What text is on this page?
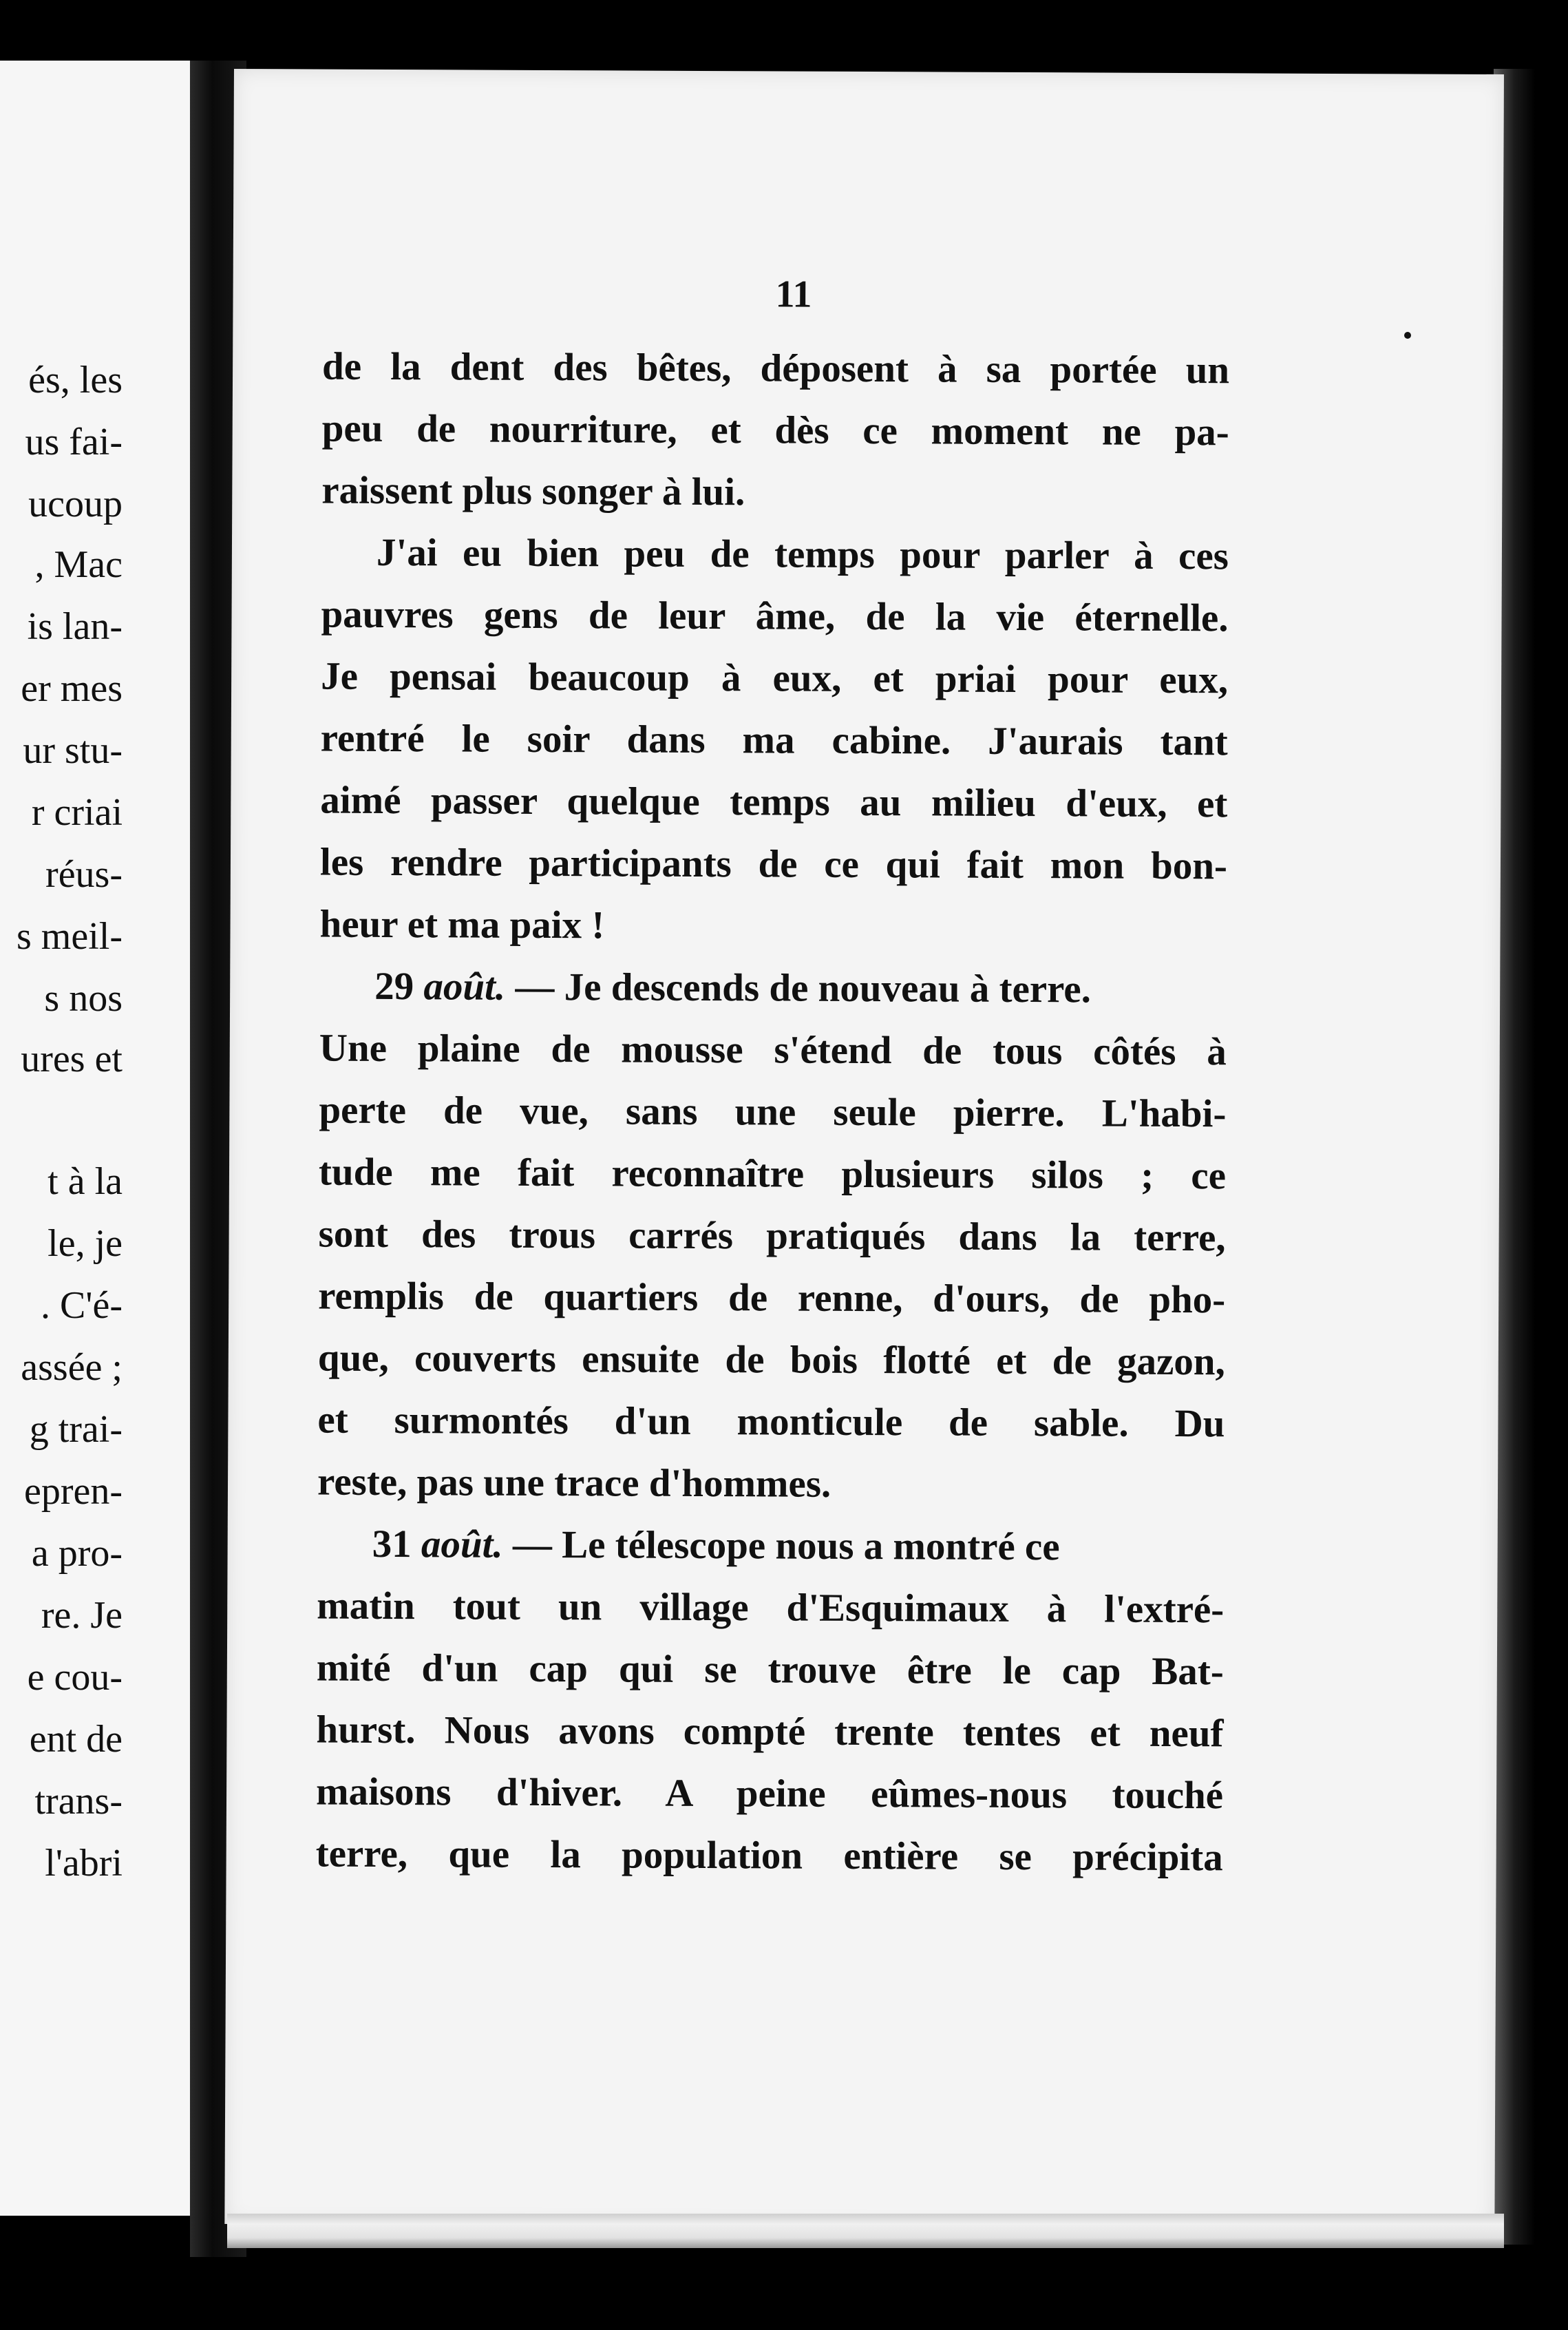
és, les
us fai-
ucoup
, Mac
is lan-
er mes
ur stu-
r criai
réus-
s meil-
s nos
ures et
t à la
le, je
. C'é-
assée ;
g trai-
epren-
a pro-
re. Je
e cou-
ent de
trans-
l'abri
11
de la dent des bêtes, déposent à sa portée un
peu de nourriture, et dès ce moment ne pa-
raissent plus songer à lui.
J'ai eu bien peu de temps pour parler à ces
pauvres gens de leur âme, de la vie éternelle.
Je pensai beaucoup à eux, et priai pour eux,
rentré le soir dans ma cabine. J'aurais tant
aimé passer quelque temps au milieu d'eux, et
les rendre participants de ce qui fait mon bon-
heur et ma paix !
29 août. — Je descends de nouveau à terre.
Une plaine de mousse s'étend de tous côtés à
perte de vue, sans une seule pierre. L'habi-
tude me fait reconnaître plusieurs silos ; ce
sont des trous carrés pratiqués dans la terre,
remplis de quartiers de renne, d'ours, de pho-
que, couverts ensuite de bois flotté et de gazon,
et surmontés d'un monticule de sable. Du
reste, pas une trace d'hommes.
31 août. — Le télescope nous a montré ce
matin tout un village d'Esquimaux à l'extré-
mité d'un cap qui se trouve être le cap Bat-
hurst. Nous avons compté trente tentes et neuf
maisons d'hiver. A peine eûmes-nous touché
terre, que la population entière se précipita
